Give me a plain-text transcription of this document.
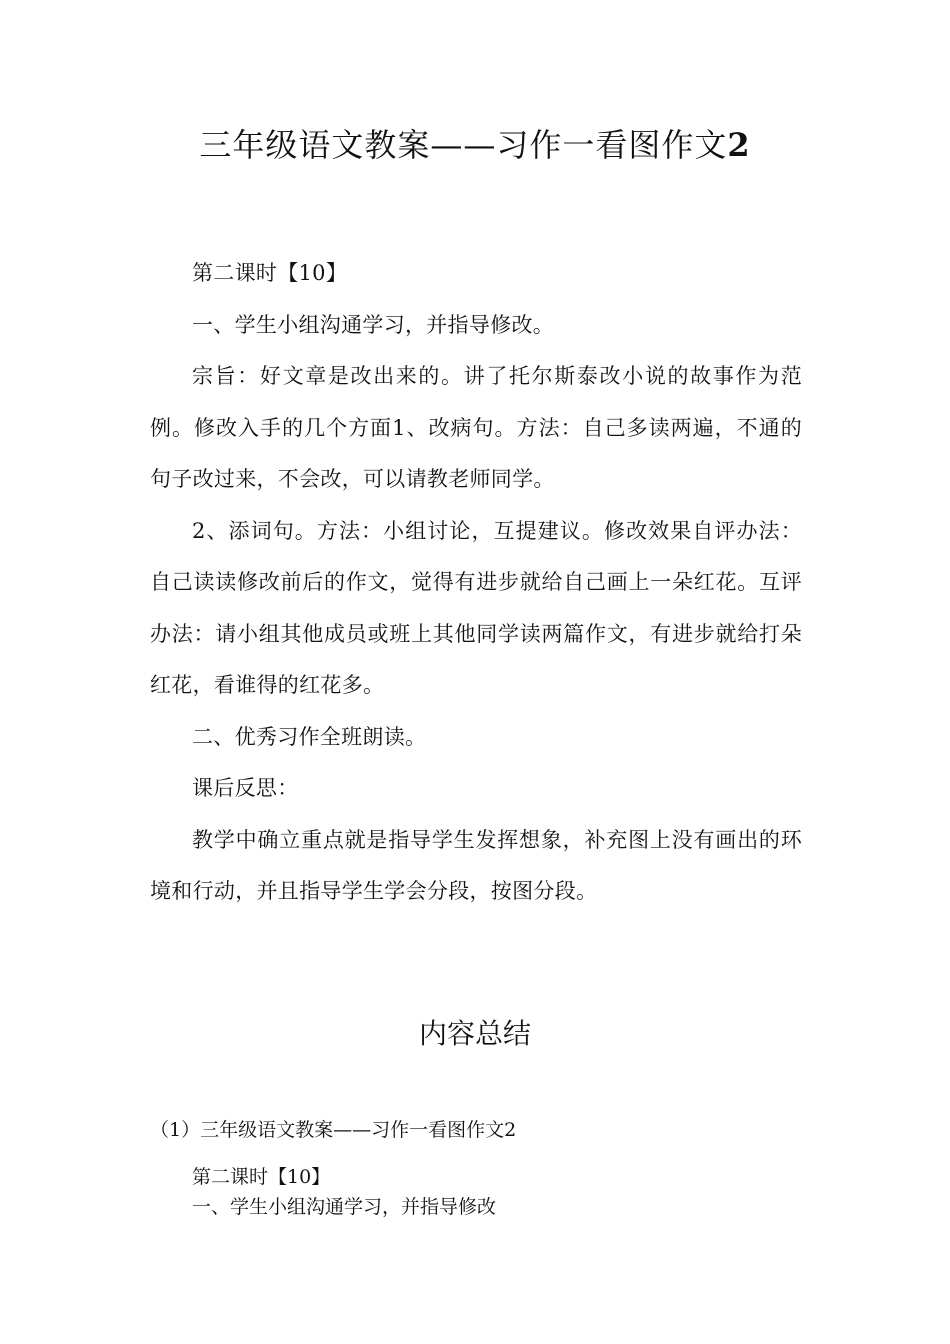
三年级语文教案——习作一看图作文2

第二课时【10】

一、学生小组沟通学习，并指导修改。

宗旨：好文章是改出来的。讲了托尔斯泰改小说的故事作为范例。修改入手的几个方面1、改病句。方法：自己多读两遍，不通的句子改过来，不会改，可以请教老师同学。

2、添词句。方法：小组讨论，互提建议。修改效果自评办法：自己读读修改前后的作文，觉得有进步就给自己画上一朵红花。互评办法：请小组其他成员或班上其他同学读两篇作文，有进步就给打朵红花，看谁得的红花多。

二、优秀习作全班朗读。

课后反思：

教学中确立重点就是指导学生发挥想象，补充图上没有画出的环境和行动，并且指导学生学会分段，按图分段。

内容总结

（1）三年级语文教案——习作一看图作文2

第二课时【10】
一、学生小组沟通学习，并指导修改
